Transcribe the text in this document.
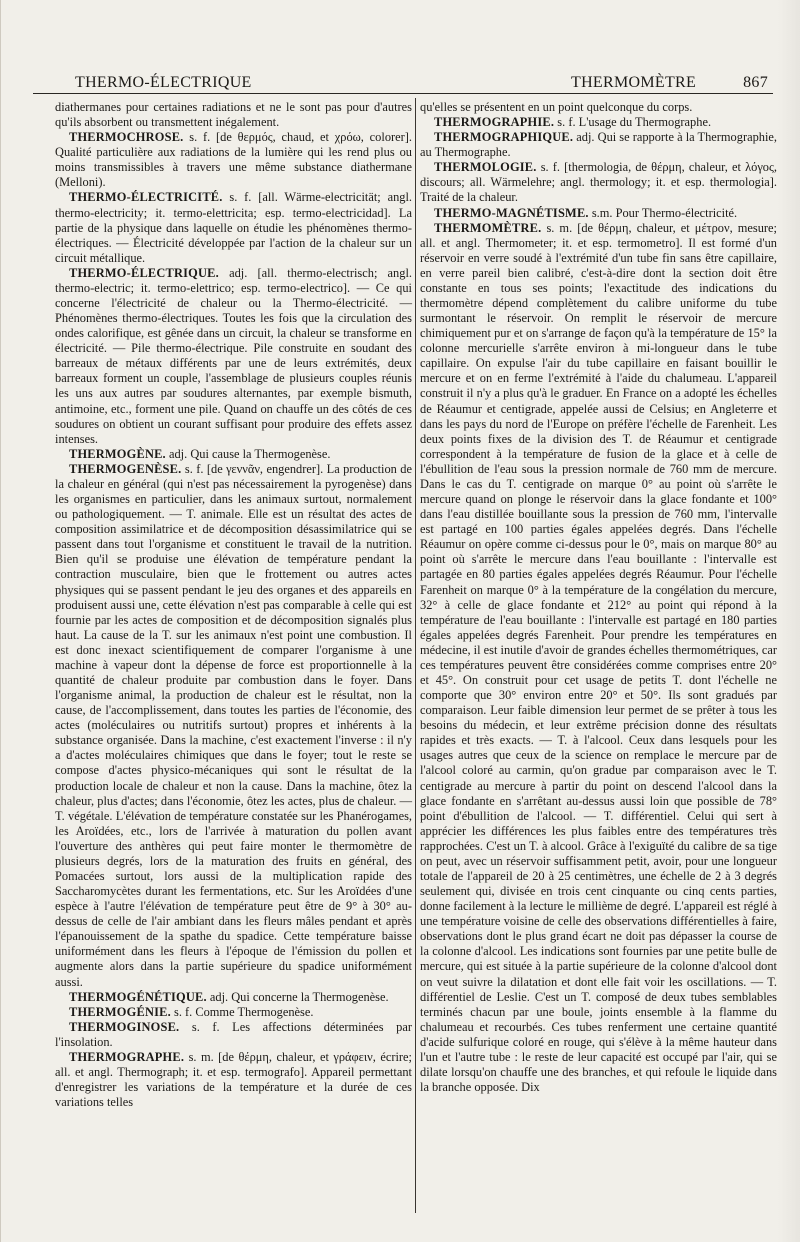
THERMO-ÉLECTRIQUE	THERMOMÈTRE	867

diathermanes pour certaines radiations et ne le sont pas pour d'autres qu'ils absorbent ou transmettent inégalement.

THERMOCHROSE. s. f. [de θερμός, chaud, et χρόω, colorer]. Qualité particulière aux radiations de la lumière qui les rend plus ou moins transmissibles à travers une même substance diathermane (Melloni).

THERMO-ÉLECTRICITÉ. s. f. [all. Wärme-electricität; angl. thermo-electricity; it. termo-elettricita; esp. termo-electricidad]. La partie de la physique dans laquelle on étudie les phénomènes thermo-électriques. — Électricité développée par l'action de la chaleur sur un circuit métallique.

THERMO-ÉLECTRIQUE. adj. [all. thermo-electrisch; angl. thermo-electric; it. termo-elettrico; esp. termo-electrico]. — Ce qui concerne l'électricité de chaleur ou la Thermo-électricité. — Phénomènes thermo-électriques. Toutes les fois que la circulation des ondes calorifique, est gênée dans un circuit, la chaleur se transforme en électricité. — Pile thermo-électrique. Pile construite en soudant des barreaux de métaux différents par une de leurs extrémités, deux barreaux forment un couple, l'assemblage de plusieurs couples réunis les uns aux autres par soudures alternantes, par exemple bismuth, antimoine, etc., forment une pile. Quand on chauffe un des côtés de ces soudures on obtient un courant suffisant pour produire des effets assez intenses.

THERMOGÈNE. adj. Qui cause la Thermogenèse.

THERMOGENÈSE. s. f. [de γεννᾶν, engendrer]. La production de la chaleur en général (qui n'est pas nécessairement la pyrogenèse) dans les organismes en particulier, dans les animaux surtout, normalement ou pathologiquement. — T. animale. Elle est un résultat des actes de composition assimilatrice et de décomposition désassimilatrice qui se passent dans tout l'organisme et constituent le travail de la nutrition. Bien qu'il se produise une élévation de température pendant la contraction musculaire, bien que le frottement ou autres actes physiques qui se passent pendant le jeu des organes et des appareils en produisent aussi une, cette élévation n'est pas comparable à celle qui est fournie par les actes de composition et de décomposition signalés plus haut. La cause de la T. sur les animaux n'est point une combustion. Il est donc inexact scientifiquement de comparer l'organisme à une machine à vapeur dont la dépense de force est proportionnelle à la quantité de chaleur produite par combustion dans le foyer. Dans l'organisme animal, la production de chaleur est le résultat, non la cause, de l'accomplissement, dans toutes les parties de l'économie, des actes (moléculaires ou nutritifs surtout) propres et inhérents à la substance organisée. Dans la machine, c'est exactement l'inverse : il n'y a d'actes moléculaires chimiques que dans le foyer; tout le reste se compose d'actes physico-mécaniques qui sont le résultat de la production locale de chaleur et non la cause. Dans la machine, ôtez la chaleur, plus d'actes; dans l'économie, ôtez les actes, plus de chaleur. — T. végétale. L'élévation de température constatée sur les Phanérogames, les Aroïdées, etc., lors de l'arrivée à maturation du pollen avant l'ouverture des anthères qui peut faire monter le thermomètre de plusieurs degrés, lors de la maturation des fruits en général, des Pomacées surtout, lors aussi de la multiplication rapide des Saccharomycètes durant les fermentations, etc. Sur les Aroïdées d'une espèce à l'autre l'élévation de température peut être de 9° à 30° au-dessus de celle de l'air ambiant dans les fleurs mâles pendant et après l'épanouissement de la spathe du spadice. Cette température baisse uniformément dans les fleurs à l'époque de l'émission du pollen et augmente alors dans la partie supérieure du spadice uniformément aussi.

THERMOGÉNÉTIQUE. adj. Qui concerne la Thermogenèse.

THERMOGÉNIE. s. f. Comme Thermogenèse.

THERMOGINOSE. s. f. Les affections déterminées par l'insolation.

THERMOGRAPHE. s. m. [de θέρμη, chaleur, et γράφειν, écrire; all. et angl. Thermograph; it. et esp. termografo]. Appareil permettant d'enregistrer les variations de la température et la durée de ces variations telles

qu'elles se présentent en un point quelconque du corps.

THERMOGRAPHIE. s. f. L'usage du Thermographe.

THERMOGRAPHIQUE. adj. Qui se rapporte à la Thermographie, au Thermographe.

THERMOLOGIE. s. f. [thermologia, de θέρμη, chaleur, et λόγος, discours; all. Wärmelehre; angl. thermology; it. et esp. thermologia]. Traité de la chaleur.

THERMO-MAGNÉTISME. s.m. Pour Thermo-électricité.

THERMOMÈTRE. s. m. [de θέρμη, chaleur, et μέτρον, mesure; all. et angl. Thermometer; it. et esp. termometro]. Il est formé d'un réservoir en verre soudé à l'extrémité d'un tube fin sans être capillaire, en verre pareil bien calibré, c'est-à-dire dont la section doit être constante en tous ses points; l'exactitude des indications du thermomètre dépend complètement du calibre uniforme du tube surmontant le réservoir. On remplit le réservoir de mercure chimiquement pur et on s'arrange de façon qu'à la température de 15° la colonne mercurielle s'arrête environ à mi-longueur dans le tube capillaire. On expulse l'air du tube capillaire en faisant bouillir le mercure et on en ferme l'extrémité à l'aide du chalumeau. L'appareil construit il n'y a plus qu'à le graduer. En France on a adopté les échelles de Réaumur et centigrade, appelée aussi de Celsius; en Angleterre et dans les pays du nord de l'Europe on préfère l'échelle de Farenheit. Les deux points fixes de la division des T. de Réaumur et centigrade correspondent à la température de fusion de la glace et à celle de l'ébullition de l'eau sous la pression normale de 760 mm de mercure. Dans le cas du T. centigrade on marque 0° au point où s'arrête le mercure quand on plonge le réservoir dans la glace fondante et 100° dans l'eau distillée bouillante sous la pression de 760 mm, l'intervalle est partagé en 100 parties égales appelées degrés. Dans l'échelle Réaumur on opère comme ci-dessus pour le 0°, mais on marque 80° au point où s'arrête le mercure dans l'eau bouillante : l'intervalle est partagée en 80 parties égales appelées degrés Réaumur. Pour l'échelle Farenheit on marque 0° à la température de la congélation du mercure, 32° à celle de glace fondante et 212° au point qui répond à la température de l'eau bouillante : l'intervalle est partagé en 180 parties égales appelées degrés Farenheit. Pour prendre les températures en médecine, il est inutile d'avoir de grandes échelles thermométriques, car ces températures peuvent être considérées comme comprises entre 20° et 45°. On construit pour cet usage de petits T. dont l'échelle ne comporte que 30° environ entre 20° et 50°. Ils sont gradués par comparaison. Leur faible dimension leur permet de se prêter à tous les besoins du médecin, et leur extrême précision donne des résultats rapides et très exacts. — T. à l'alcool. Ceux dans lesquels pour les usages autres que ceux de la science on remplace le mercure par de l'alcool coloré au carmin, qu'on gradue par comparaison avec le T. centigrade au mercure à partir du point on descend l'alcool dans la glace fondante en s'arrêtant au-dessus aussi loin que possible de 78° point d'ébullition de l'alcool. — T. différentiel. Celui qui sert à apprécier les différences les plus faibles entre des températures très rapprochées. C'est un T. à alcool. Grâce à l'exiguïté du calibre de sa tige on peut, avec un réservoir suffisamment petit, avoir, pour une longueur totale de l'appareil de 20 à 25 centimètres, une échelle de 2 à 3 degrés seulement qui, divisée en trois cent cinquante ou cinq cents parties, donne facilement à la lecture le millième de degré. L'appareil est réglé à une température voisine de celle des observations différentielles à faire, observations dont le plus grand écart ne doit pas dépasser la course de la colonne d'alcool. Les indications sont fournies par une petite bulle de mercure, qui est située à la partie supérieure de la colonne d'alcool dont on veut suivre la dilatation et dont elle fait voir les oscillations. — T. différentiel de Leslie. C'est un T. composé de deux tubes semblables terminés chacun par une boule, joints ensemble à la flamme du chalumeau et recourbés. Ces tubes renferment une certaine quantité d'acide sulfurique coloré en rouge, qui s'élève à la même hauteur dans l'un et l'autre tube : le reste de leur capacité est occupé par l'air, qui se dilate lorsqu'on chauffe une des branches, et qui refoule le liquide dans la branche opposée. Dix
